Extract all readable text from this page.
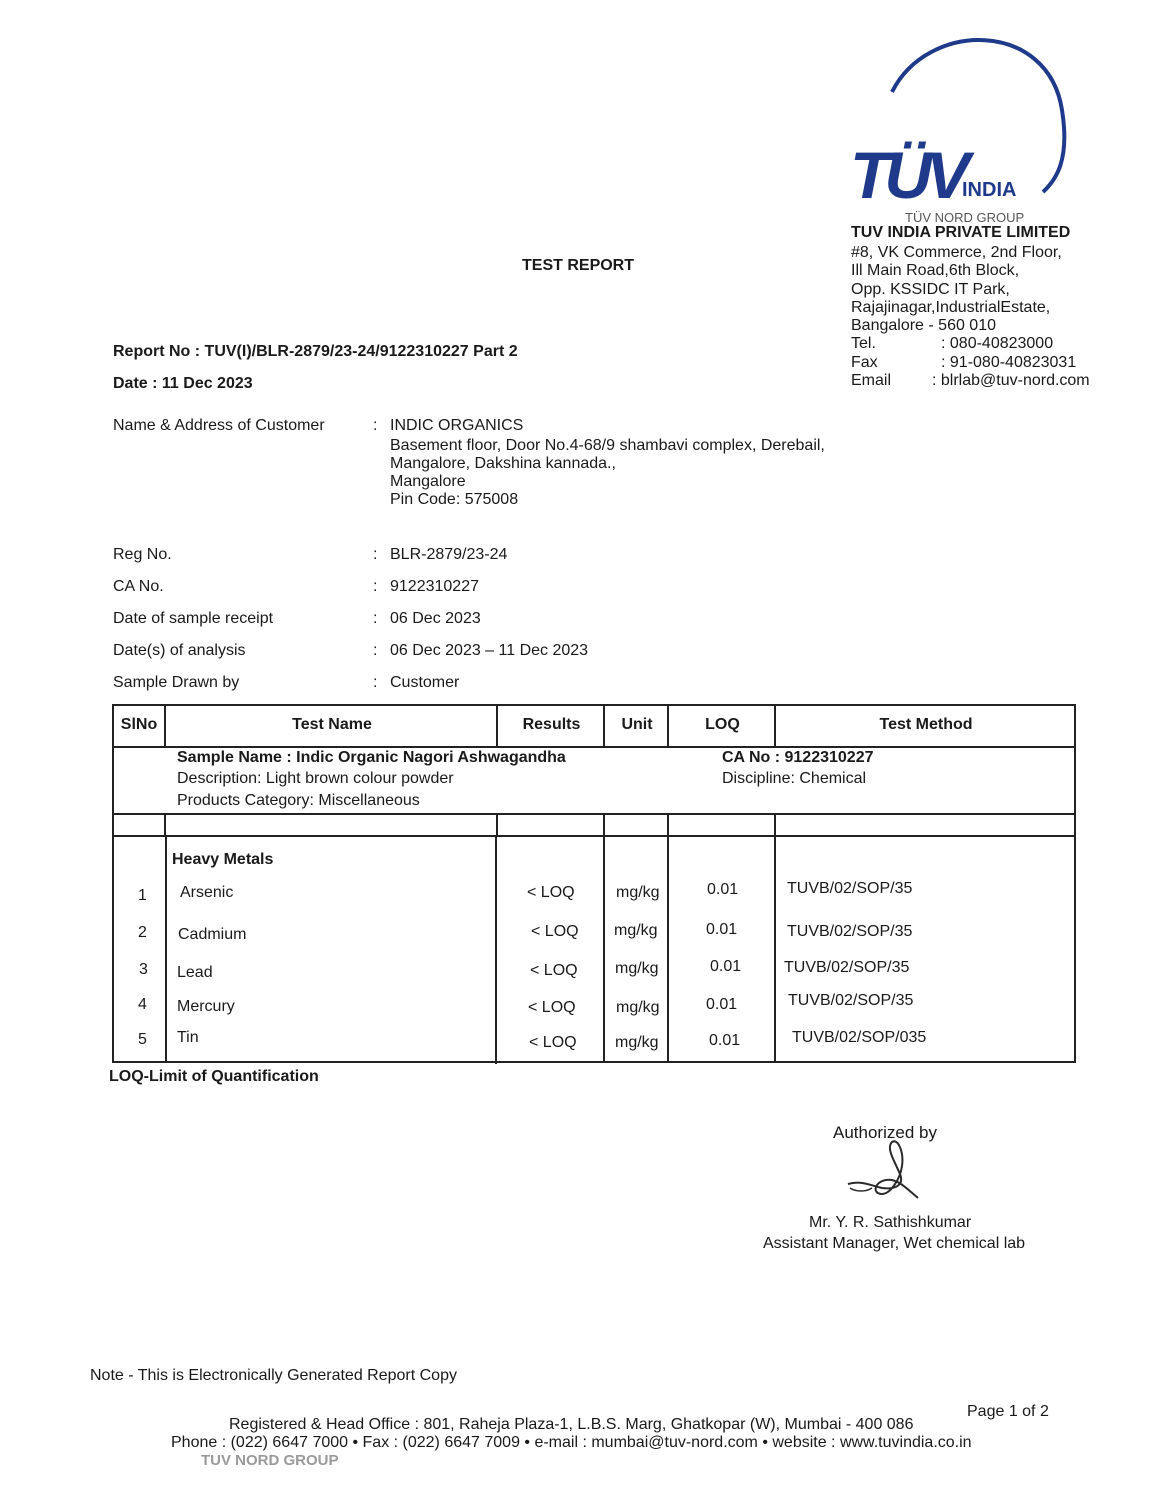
TÜV
INDIA
TÜV NORD GROUP
TUV INDIA PRIVATE LIMITED
#8, VK Commerce, 2nd Floor,
Ill Main Road,6th Block,
Opp. KSSIDC IT Park,
Rajajinagar,IndustrialEstate,
Bangalore - 560 010
Tel.	: 080-40823000
Fax	: 91-080-40823031
Email	: blrlab@tuv-nord.com
TEST REPORT
Report No : TUV(I)/BLR-2879/23-24/9122310227 Part 2
Date : 11 Dec 2023
Name & Address of Customer	: INDIC ORGANICS
Basement floor, Door No.4-68/9 shambavi complex, Derebail,
Mangalore, Dakshina kannada.,
Mangalore
Pin Code: 575008
Reg No.	: BLR-2879/23-24
CA No.	: 9122310227
Date of sample receipt	: 06 Dec 2023
Date(s) of analysis	: 06 Dec 2023 – 11 Dec 2023
Sample Drawn by	: Customer
SlNo	Test Name	Results	Unit	LOQ	Test Method
Sample Name : Indic Organic Nagori Ashwagandha
Description: Light brown colour powder
Products Category: Miscellaneous
CA No : 9122310227
Discipline: Chemical
Heavy Metals
1 Arsenic	< LOQ	mg/kg	0.01	TUVB/02/SOP/35
2 Cadmium	< LOQ mg/kg	0.01	TUVB/02/SOP/35
3 Lead	< LOQ mg/kg	0.01	TUVB/02/SOP/35
4 Mercury	< LOQ	mg/kg	0.01	TUVB/02/SOP/35
5 Tin	< LOQ mg/kg	0.01	TUVB/02/SOP/035
LOQ-Limit of Quantification
Authorized by
Mr. Y. R. Sathishkumar
Assistant Manager, Wet chemical lab
Note - This is Electronically Generated Report Copy
Page 1 of 2
Registered & Head Office : 801, Raheja Plaza-1, L.B.S. Marg, Ghatkopar (W), Mumbai - 400 086
Phone : (022) 6647 7000 • Fax : (022) 6647 7009 • e-mail : mumbai@tuv-nord.com • website : www.tuvindia.co.in
TUV NORD GROUP
